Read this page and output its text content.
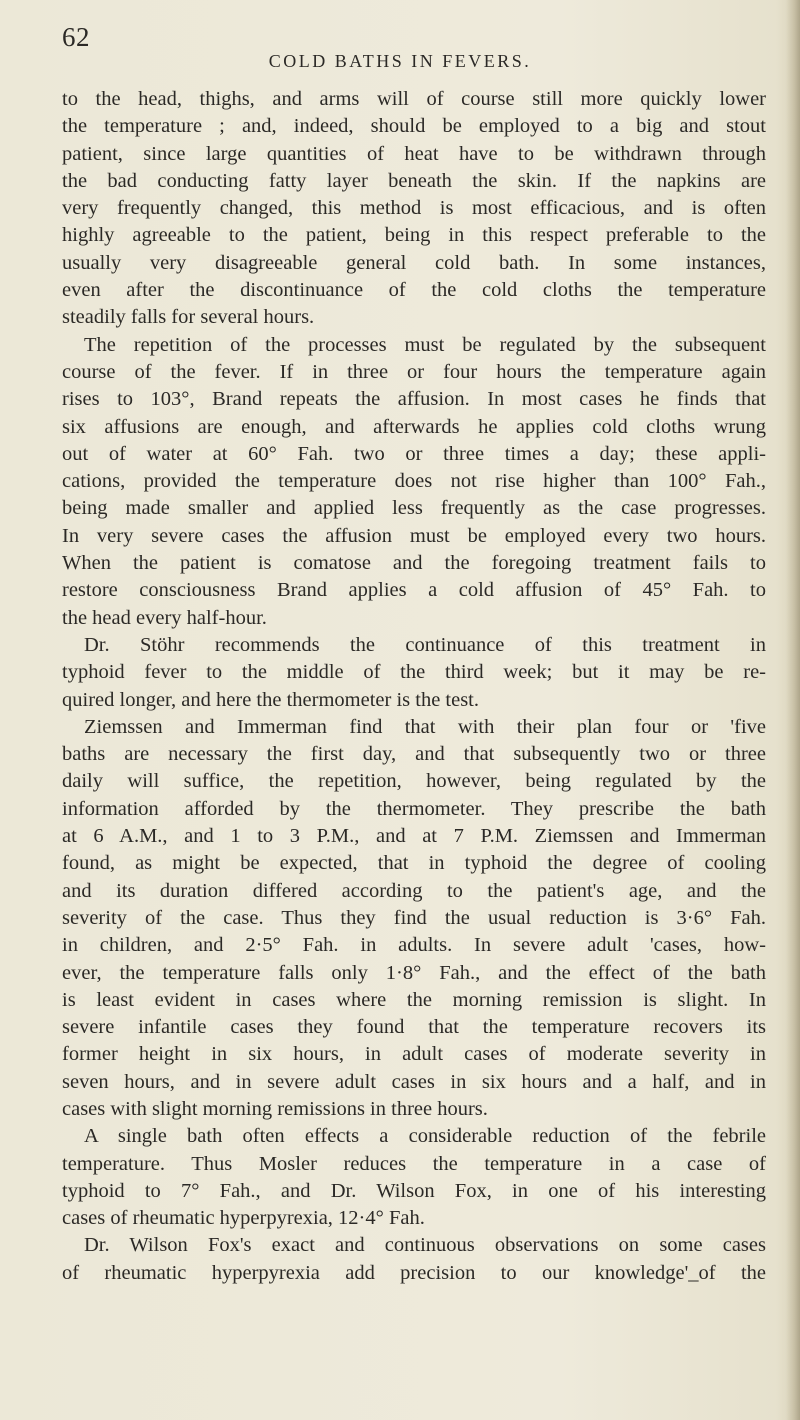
62
COLD BATHS IN FEVERS.
to the head, thighs, and arms will of course still more quickly lower
the temperature ; and, indeed, should be employed to a big and stout
patient, since large quantities of heat have to be withdrawn through
the bad conducting fatty layer beneath the skin. If the napkins are
very frequently changed, this method is most efficacious, and is often
highly agreeable to the patient, being in this respect preferable to the
usually very disagreeable general cold bath. In some instances,
even after the discontinuance of the cold cloths the temperature
steadily falls for several hours.
The repetition of the processes must be regulated by the subsequent
course of the fever. If in three or four hours the temperature again
rises to 103°, Brand repeats the affusion. In most cases he finds that
six affusions are enough, and afterwards he applies cold cloths wrung
out of water at 60° Fah. two or three times a day; these appli-
cations, provided the temperature does not rise higher than 100° Fah.,
being made smaller and applied less frequently as the case progresses.
In very severe cases the affusion must be employed every two hours.
When the patient is comatose and the foregoing treatment fails to
restore consciousness Brand applies a cold affusion of 45° Fah. to
the head every half-hour.
Dr. Stöhr recommends the continuance of this treatment in
typhoid fever to the middle of the third week; but it may be re-
quired longer, and here the thermometer is the test.
Ziemssen and Immerman find that with their plan four or 'five
baths are necessary the first day, and that subsequently two or three
daily will suffice, the repetition, however, being regulated by the
information afforded by the thermometer. They prescribe the bath
at 6 A.M., and 1 to 3 P.M., and at 7 P.M. Ziemssen and Immerman
found, as might be expected, that in typhoid the degree of cooling
and its duration differed according to the patient's age, and the
severity of the case. Thus they find the usual reduction is 3·6° Fah.
in children, and 2·5° Fah. in adults. In severe adult 'cases, how-
ever, the temperature falls only 1·8° Fah., and the effect of the bath
is least evident in cases where the morning remission is slight. In
severe infantile cases they found that the temperature recovers its
former height in six hours, in adult cases of moderate severity in
seven hours, and in severe adult cases in six hours and a half, and in
cases with slight morning remissions in three hours.
A single bath often effects a considerable reduction of the febrile
temperature. Thus Mosler reduces the temperature in a case of
typhoid to 7° Fah., and Dr. Wilson Fox, in one of his interesting
cases of rheumatic hyperpyrexia, 12·4° Fah.
Dr. Wilson Fox's exact and continuous observations on some cases
of rheumatic hyperpyrexia add precision to our knowledge'_of the
